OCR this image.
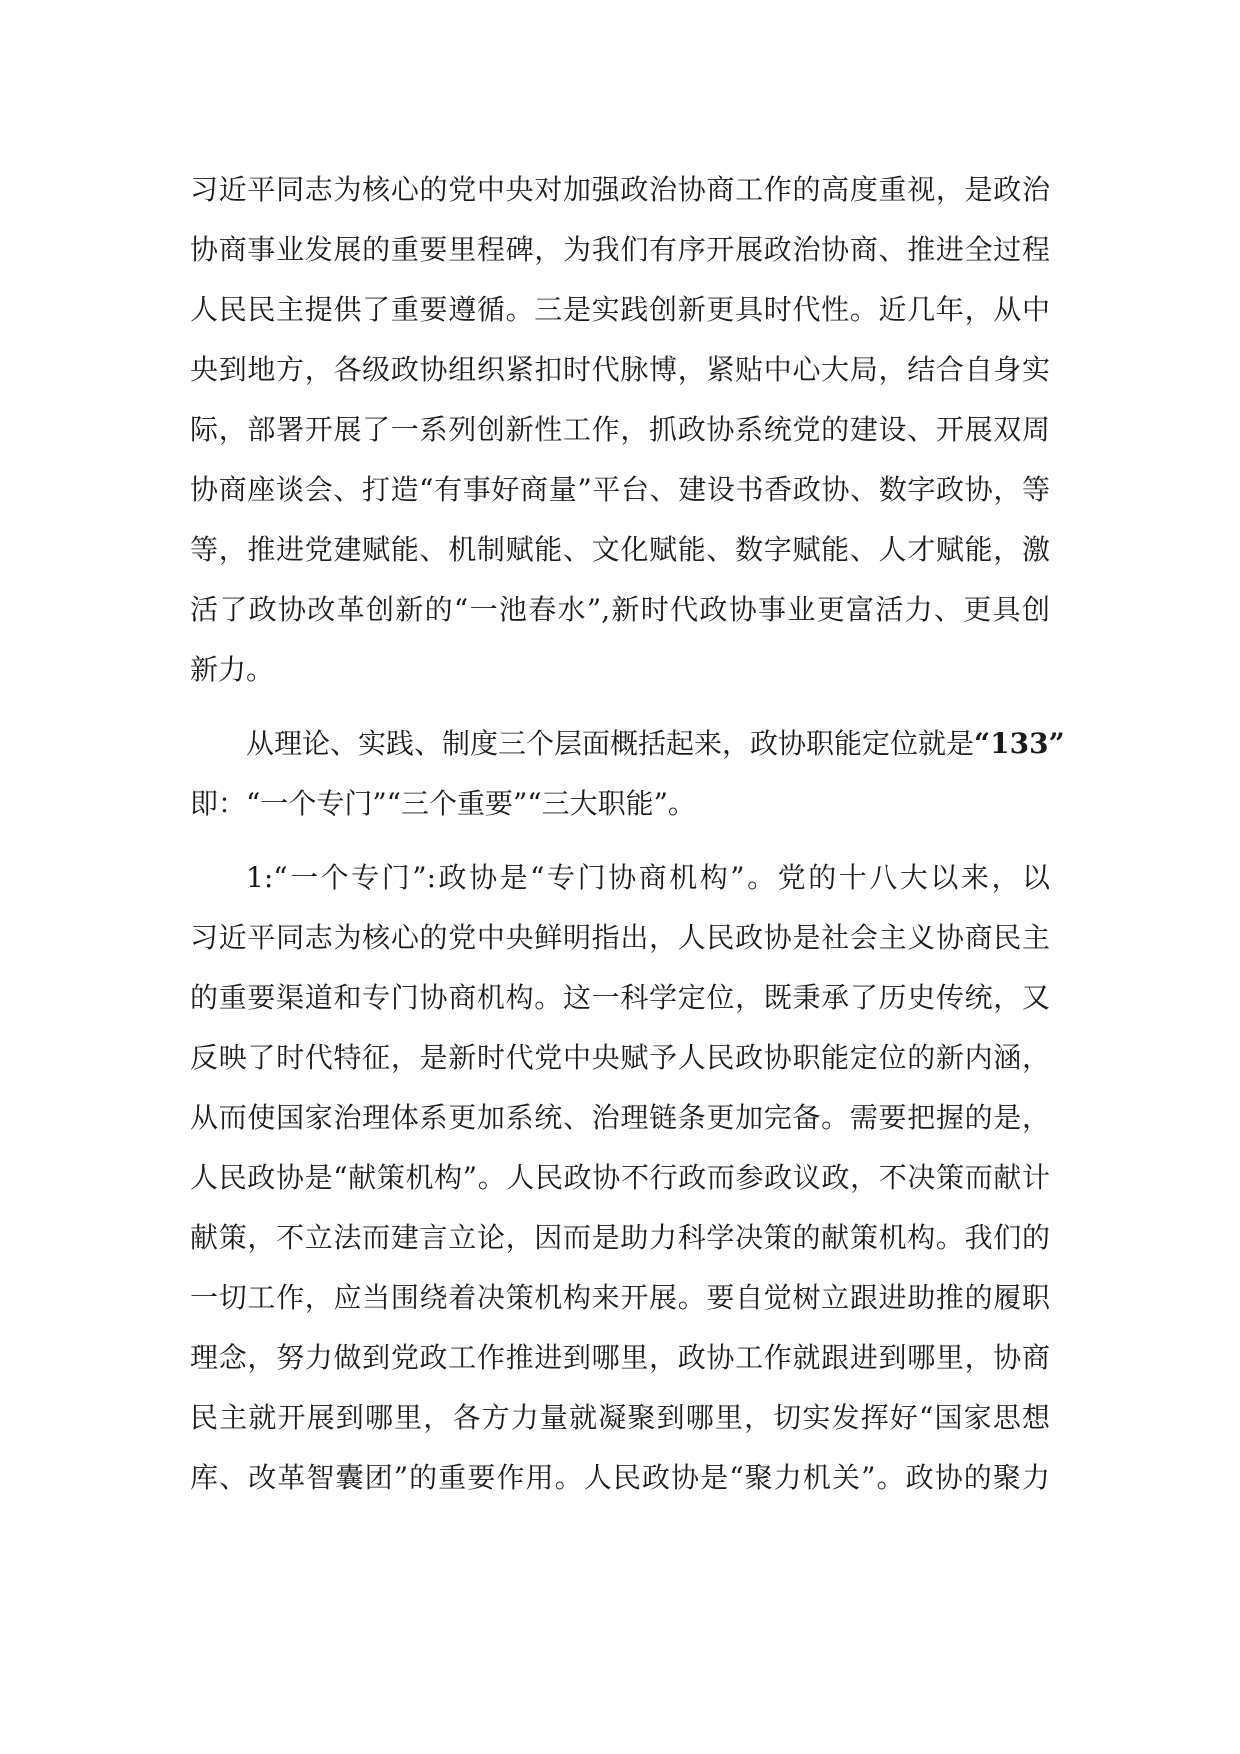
习近平同志为核心的党中央对加强政治协商工作的高度重视，是政治
协商事业发展的重要里程碑，为我们有序开展政治协商、推进全过程
人民民主提供了重要遵循。三是实践创新更具时代性。近几年，从中
央到地方，各级政协组织紧扣时代脉博，紧贴中心大局，结合自身实
际，部署开展了一系列创新性工作，抓政协系统党的建设、开展双周
协商座谈会、打造“有事好商量”平台、建设书香政协、数字政协，等
等，推进党建赋能、机制赋能、文化赋能、数字赋能、人才赋能，激
活了政协改革创新的“一池春水”,新时代政协事业更富活力、更具创
新力。
从理论、实践、制度三个层面概括起来，政协职能定位就是“133”
即：“一个专门”“三个重要”“三大职能”。
1:“一个专门”:政协是“专门协商机构”。党的十八大以来，以
习近平同志为核心的党中央鲜明指出，人民政协是社会主义协商民主
的重要渠道和专门协商机构。这一科学定位，既秉承了历史传统，又
反映了时代特征，是新时代党中央赋予人民政协职能定位的新内涵，
从而使国家治理体系更加系统、治理链条更加完备。需要把握的是，
人民政协是“献策机构”。人民政协不行政而参政议政，不决策而献计
献策，不立法而建言立论，因而是助力科学决策的献策机构。我们的
一切工作，应当围绕着决策机构来开展。要自觉树立跟进助推的履职
理念，努力做到党政工作推进到哪里，政协工作就跟进到哪里，协商
民主就开展到哪里，各方力量就凝聚到哪里，切实发挥好“国家思想
库、改革智囊团”的重要作用。人民政协是“聚力机关”。政协的聚力
